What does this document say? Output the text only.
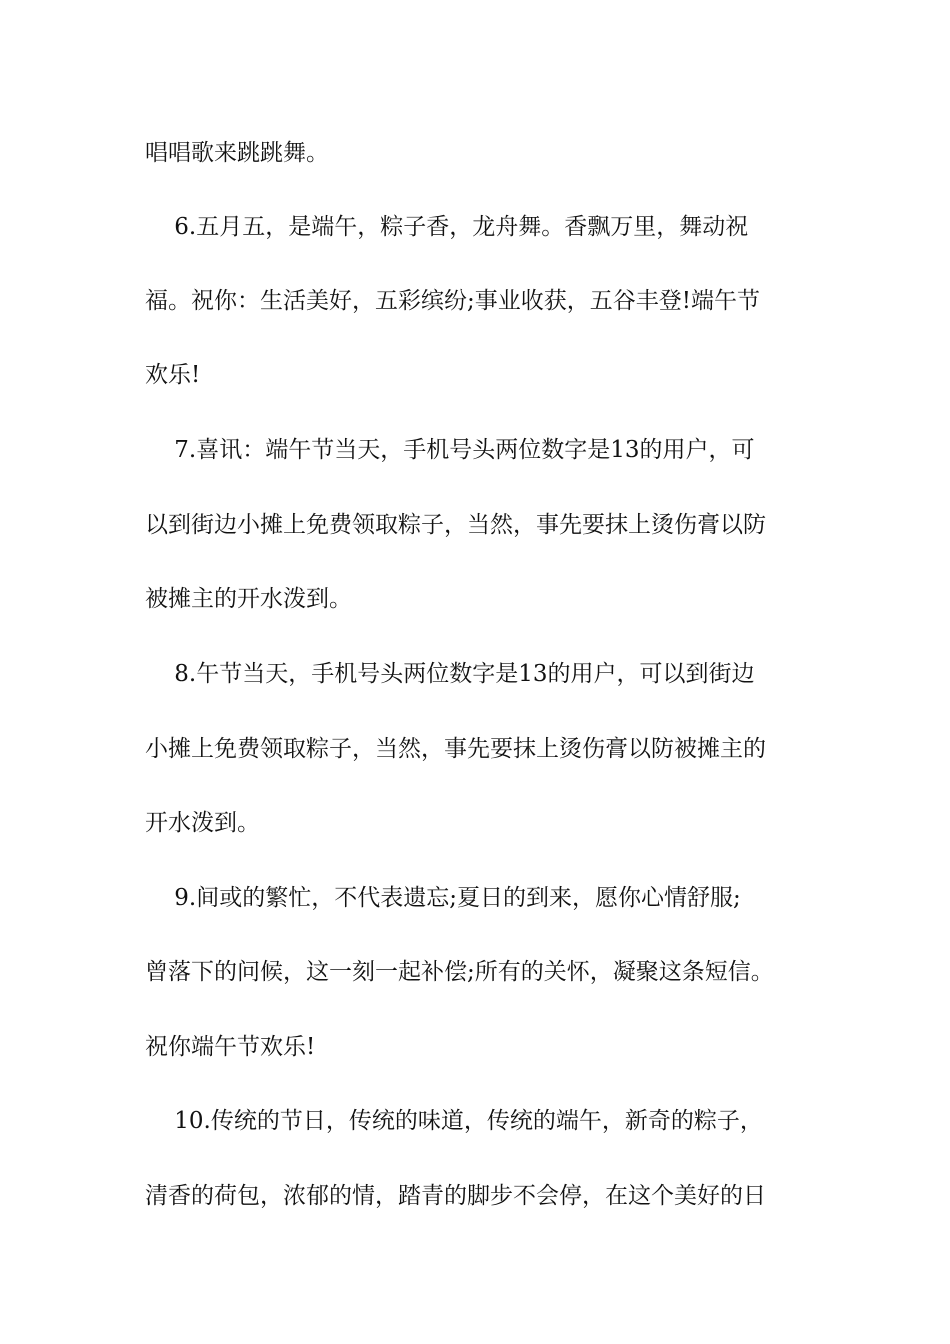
唱唱歌来跳跳舞。
6.五月五，是端午，粽子香，龙舟舞。香飘万里，舞动祝
福。祝你：生活美好，五彩缤纷;事业收获，五谷丰登!端午节
欢乐!
7.喜讯：端午节当天，手机号头两位数字是13的用户，可
以到街边小摊上免费领取粽子，当然，事先要抹上烫伤膏以防
被摊主的开水泼到。
8.午节当天，手机号头两位数字是13的用户，可以到街边
小摊上免费领取粽子，当然，事先要抹上烫伤膏以防被摊主的
开水泼到。
9.间或的繁忙，不代表遗忘;夏日的到来，愿你心情舒服;
曾落下的问候，这一刻一起补偿;所有的关怀，凝聚这条短信。
祝你端午节欢乐!
10.传统的节日，传统的味道，传统的端午，新奇的粽子，
清香的荷包，浓郁的情，踏青的脚步不会停，在这个美好的日
